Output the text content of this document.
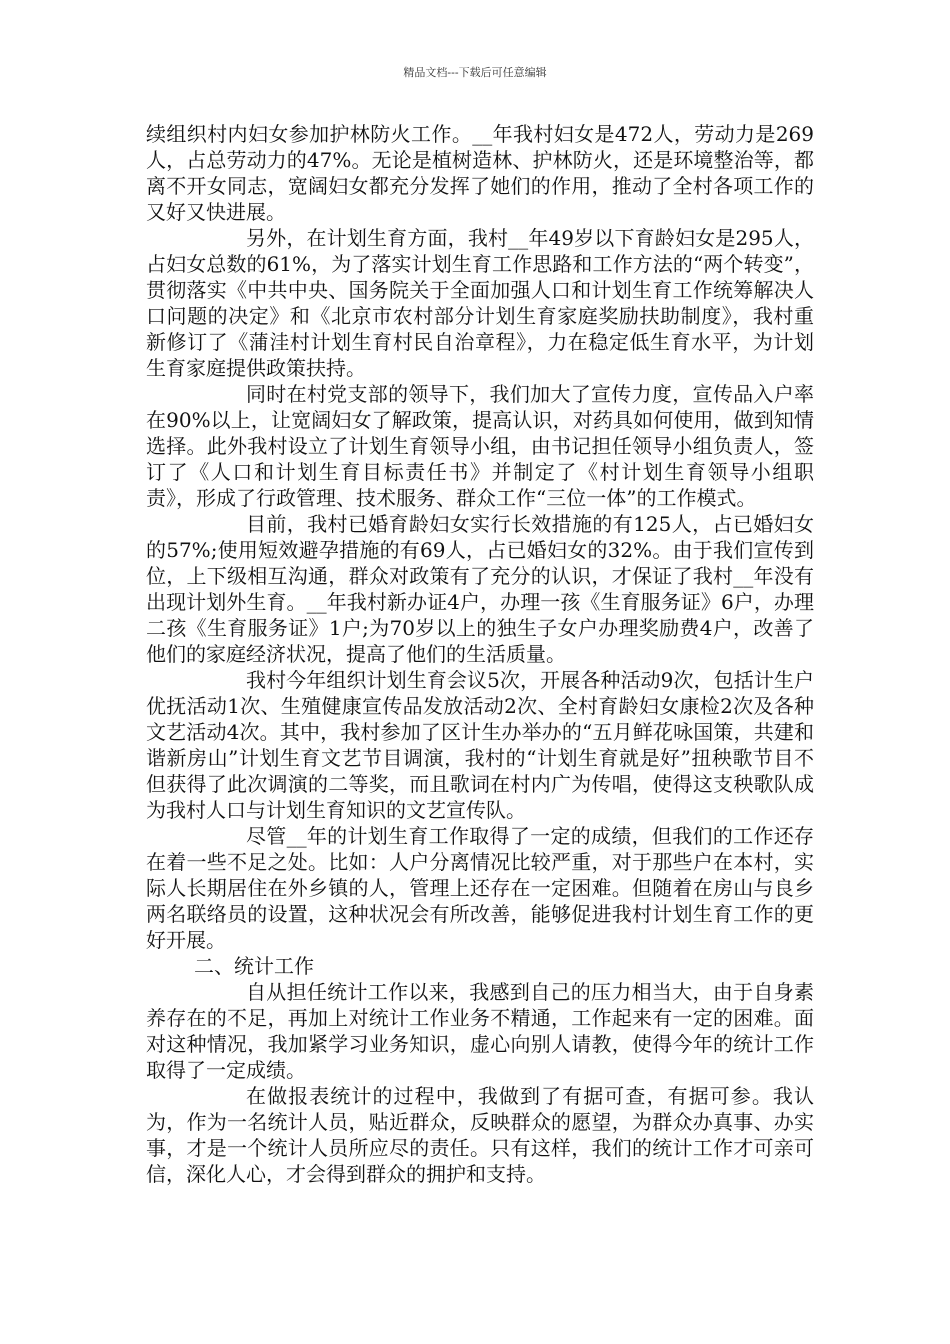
精品文档---下载后可任意编辑

续组织村内妇女参加护林防火工作。__年我村妇女是472人，劳动力是269人，占总劳动力的47%。无论是植树造林、护林防火，还是环境整治等，都离不开女同志，宽阔妇女都充分发挥了她们的作用，推动了全村各项工作的又好又快进展。

另外，在计划生育方面，我村__年49岁以下育龄妇女是295人，占妇女总数的61%，为了落实计划生育工作思路和工作方法的“两个转变”，贯彻落实《中共中央、国务院关于全面加强人口和计划生育工作统筹解决人口问题的决定》和《北京市农村部分计划生育家庭奖励扶助制度》，我村重新修订了《蒲洼村计划生育村民自治章程》，力在稳定低生育水平，为计划生育家庭提供政策扶持。

同时在村党支部的领导下，我们加大了宣传力度，宣传品入户率在90%以上，让宽阔妇女了解政策，提高认识，对药具如何使用，做到知情选择。此外我村设立了计划生育领导小组，由书记担任领导小组负责人，签订了《人口和计划生育目标责任书》并制定了《村计划生育领导小组职责》，形成了行政管理、技术服务、群众工作“三位一体”的工作模式。

目前，我村已婚育龄妇女实行长效措施的有125人，占已婚妇女的57%;使用短效避孕措施的有69人，占已婚妇女的32%。由于我们宣传到位，上下级相互沟通，群众对政策有了充分的认识，才保证了我村__年没有出现计划外生育。__年我村新办证4户，办理一孩《生育服务证》6户，办理二孩《生育服务证》1户;为70岁以上的独生子女户办理奖励费4户，改善了他们的家庭经济状况，提高了他们的生活质量。

我村今年组织计划生育会议5次，开展各种活动9次，包括计生户优抚活动1次、生殖健康宣传品发放活动2次、全村育龄妇女康检2次及各种文艺活动4次。其中，我村参加了区计生办举办的“五月鲜花咏国策，共建和谐新房山”计划生育文艺节目调演，我村的“计划生育就是好”扭秧歌节目不但获得了此次调演的二等奖，而且歌词在村内广为传唱，使得这支秧歌队成为我村人口与计划生育知识的文艺宣传队。

尽管__年的计划生育工作取得了一定的成绩，但我们的工作还存在着一些不足之处。比如：人户分离情况比较严重，对于那些户在本村，实际人长期居住在外乡镇的人，管理上还存在一定困难。但随着在房山与良乡两名联络员的设置，这种状况会有所改善，能够促进我村计划生育工作的更好开展。

二、统计工作

自从担任统计工作以来，我感到自己的压力相当大，由于自身素养存在的不足，再加上对统计工作业务不精通，工作起来有一定的困难。面对这种情况，我加紧学习业务知识，虚心向别人请教，使得今年的统计工作取得了一定成绩。

在做报表统计的过程中，我做到了有据可查，有据可参。我认为，作为一名统计人员，贴近群众，反映群众的愿望，为群众办真事、办实事，才是一个统计人员所应尽的责任。只有这样，我们的统计工作才可亲可信，深化人心，才会得到群众的拥护和支持。
